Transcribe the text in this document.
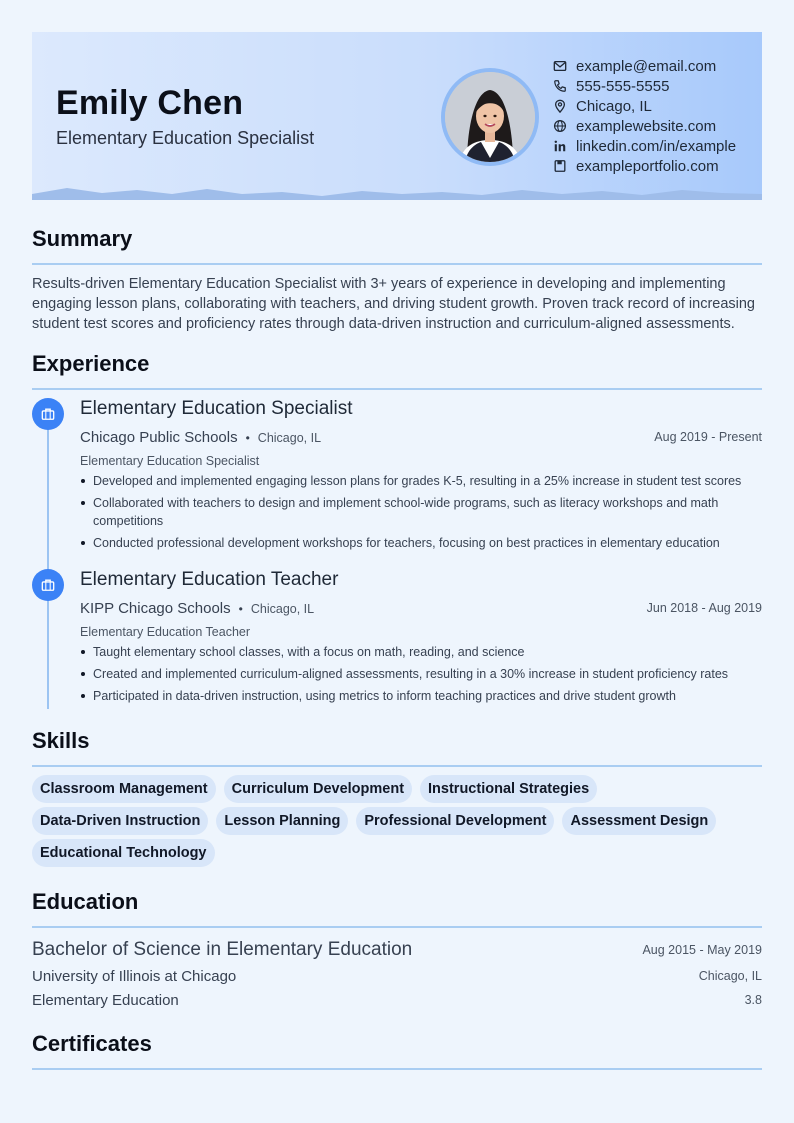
Emily Chen
Elementary Education Specialist
example@email.com
555-555-5555
Chicago, IL
examplewebsite.com
linkedin.com/in/example
exampleportfolio.com
Summary
Results-driven Elementary Education Specialist with 3+ years of experience in developing and implementing engaging lesson plans, collaborating with teachers, and driving student growth. Proven track record of increasing student test scores and proficiency rates through data-driven instruction and curriculum-aligned assessments.
Experience
Elementary Education Specialist
Chicago Public Schools • Chicago, IL	Aug 2019 - Present
Elementary Education Specialist
Developed and implemented engaging lesson plans for grades K-5, resulting in a 25% increase in student test scores
Collaborated with teachers to design and implement school-wide programs, such as literacy workshops and math competitions
Conducted professional development workshops for teachers, focusing on best practices in elementary education
Elementary Education Teacher
KIPP Chicago Schools • Chicago, IL	Jun 2018 - Aug 2019
Elementary Education Teacher
Taught elementary school classes, with a focus on math, reading, and science
Created and implemented curriculum-aligned assessments, resulting in a 30% increase in student proficiency rates
Participated in data-driven instruction, using metrics to inform teaching practices and drive student growth
Skills
Classroom Management	Curriculum Development	Instructional Strategies
Data-Driven Instruction	Lesson Planning	Professional Development	Assessment Design
Educational Technology
Education
Bachelor of Science in Elementary Education	Aug 2015 - May 2019
University of Illinois at Chicago	Chicago, IL
Elementary Education	3.8
Certificates
